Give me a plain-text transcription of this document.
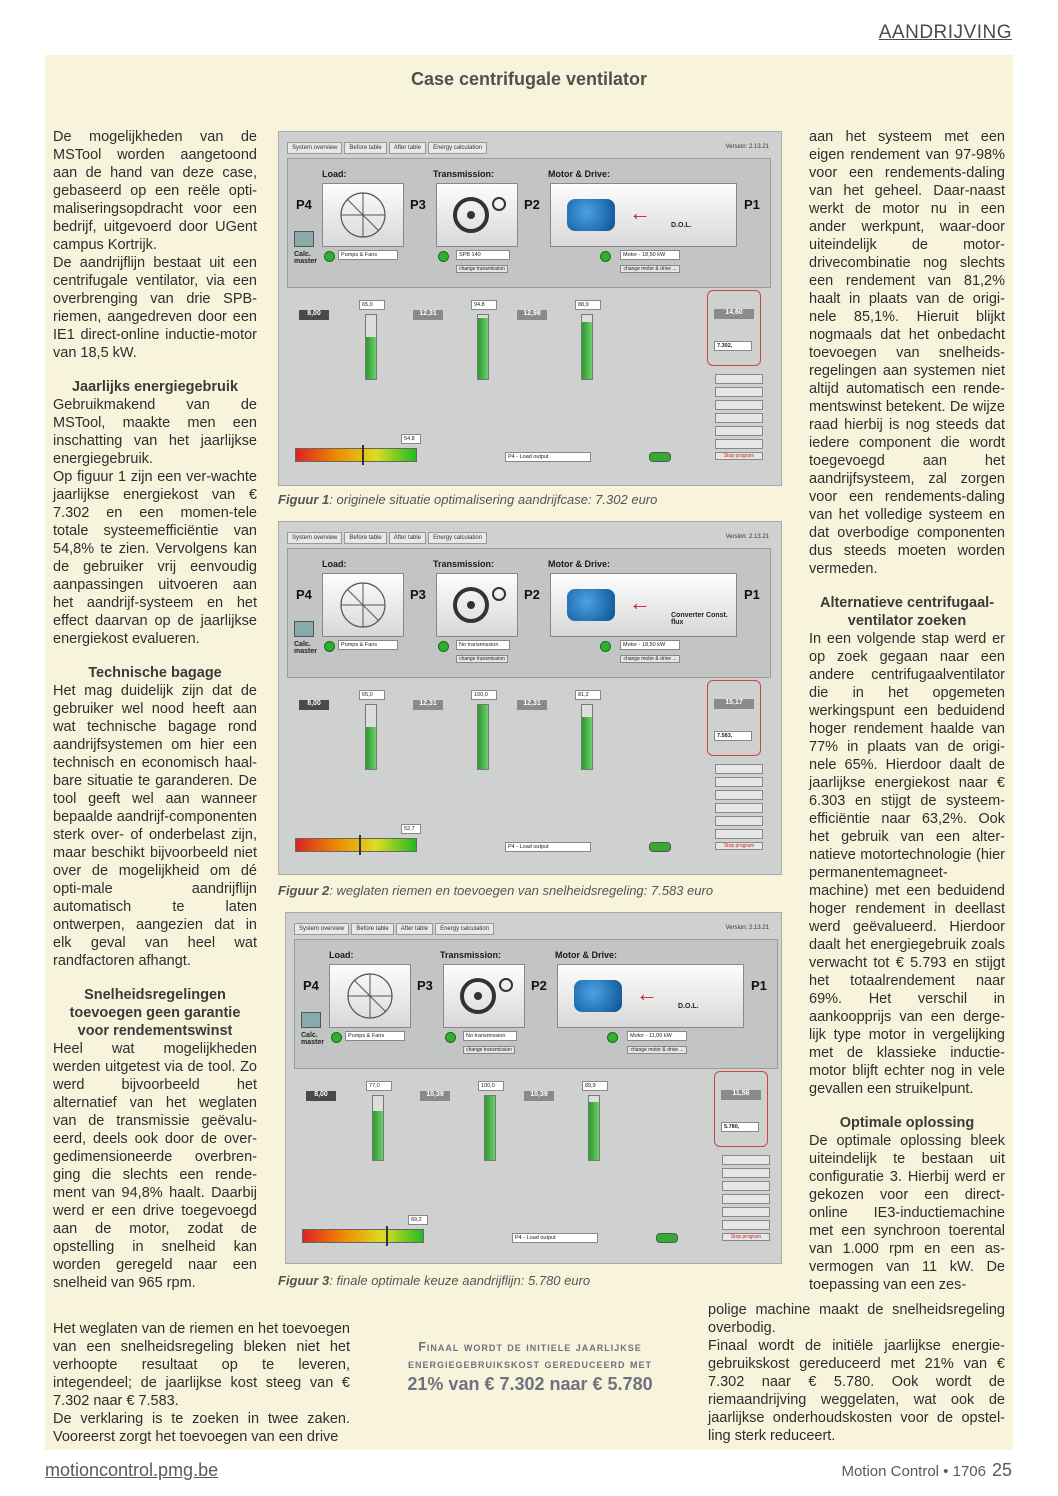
AANDRIJVING
Case centrifugale ventilator

De mogelijkheden van de MSTool worden aangetoond aan de hand van deze case, gebaseerd op een reële opti-maliseringsopdracht voor een bedrijf, uitgevoerd door UGent campus Kortrijk.

De aandrijflijn bestaat uit een centrifugale ventilator, via een overbrenging van drie SPB-riemen, aangedreven door een IE1 direct-online inductie-motor van 18,5 kW.

Jaarlijks energiegebruik

Gebruikmakend van de MSTool, maakte men een inschatting van het jaarlijkse energiegebruik.

Op figuur 1 zijn een ver-wachte jaarlijkse energiekost van € 7.302 en een momen-tele totale systeemefficiëntie van 54,8% te zien. Vervolgens kan de gebruiker vrij eenvoudig aanpassingen uitvoeren aan het aandrijf-systeem en het effect daarvan op de jaarlijkse energiekost evalueren.

Technische bagage

Het mag duidelijk zijn dat de gebruiker wel nood heeft aan wat technische bagage rond aandrijfsystemen om hier een technisch en economisch haal-bare situatie te garanderen. De tool geeft wel aan wanneer bepaalde aandrijf-componenten sterk over- of onderbelast zijn, maar beschikt bijvoorbeeld niet over de mogelijkheid om dé opti-male aandrijflijn automatisch te laten ontwerpen, aangezien dat in elk geval van heel wat randfactoren afhangt.

Snelheidsregelingen toevoegen geen garantie voor rendementswinst

Heel wat mogelijkheden werden uitgetest via de tool. Zo werd bijvoorbeeld het alternatief van het weglaten van de transmissie geëvalu-eerd, deels ook door de over-gedimensioneerde overbren-ging die slechts een rende-ment van 94,8% haalt. Daarbij werd er een drive toegevoegd aan de motor, zodat de opstelling in snelheid kan worden geregeld naar een snelheid van 965 rpm.

Het weglaten van de riemen en het toevoegen van een snelheidsregeling bleken niet het verhoopte resultaat op te leveren, integendeel; de jaarlijkse kost steeg van € 7.302 naar € 7.583.

De verklaring is te zoeken in twee zaken. Vooreerst zorgt het toevoegen van een drive

aan het systeem met een eigen rendement van 97-98% voor een rendements-daling van het geheel. Daar-naast werkt de motor nu in een ander werkpunt, waar-door uiteindelijk de motor-drivecombinatie nog slechts een rendement van 81,2% haalt in plaats van de origi-nele 85,1%. Hieruit blijkt nogmaals dat het onbedacht toevoegen van snelheids-regelingen aan systemen niet altijd automatisch een rende-mentswinst betekent. De wijze raad hierbij is nog steeds dat iedere component die wordt toegevoegd aan het aandrijfsysteem, zal zorgen voor een rendements-daling van het volledige systeem en dat overbodige componenten dus steeds moeten worden vermeden.

Alternatieve centrifugaal-ventilator zoeken

In een volgende stap werd er op zoek gegaan naar een andere centrifugaalventilator die in het opgemeten werkingspunt een beduidend hoger rendement haalde van 77% in plaats van de origi-nele 65%. Hierdoor daalt de jaarlijkse energiekost naar € 6.303 en stijgt de systeem-efficiëntie naar 63,2%. Ook het gebruik van een alter-natieve motortechnologie (hier permanentemagneet-machine) met een beduidend hoger rendement in deellast werd geëvalueerd. Hierdoor daalt het energiegebruik zoals verwacht tot € 5.793 en stijgt het totaalrendement naar 69%. Het verschil in aankoopprijs van een derge-lijk type motor in vergelijking met de klassieke inductie-motor blijft echter nog in vele gevallen een struikelpunt.

Optimale oplossing

De optimale oplossing bleek uiteindelijk te bestaan uit configuratie 3. Hierbij werd er gekozen voor een direct-online IE3-inductiemachine met een synchroon toerental van 1.000 rpm en een as-vermogen van 11 kW. De toepassing van een zes-

polige machine maakt de snelheidsregeling overbodig.

Finaal wordt de initiële jaarlijkse energie-gebruikskost gereduceerd met 21% van € 7.302 naar € 5.780. Ook wordt de riemaandrijving weggelaten, wat ook de jaarlijkse onderhoudskosten voor de opstel-ling sterk reduceert.

Finaal wordt de initiele jaarlijkse
energiegebruikskost gereduceerd met
21% van € 7.302 naar € 5.780
System overview	Before table	After table	Energy calculation	Version: 2.13.21
Load:	Transmission:	Motor & Drive:
P4	P3	P2	P1
←
D.O.L.
Calc. master
Pumps & Fans	SPB 140
change transmission
Motor - 18,50 kW
change motor & drive ...
8,00	12,31	12,98
65,0	94,8	88,9
14,60
7.302,
Stop program
54,8
P4 - Load output
Figuur 1: originele situatie optimalisering aandrijfcase: 7.302 euro
System overview	Before table	After table	Energy calculation	Version: 2.13.21
Load:	Transmission:	Motor & Drive:
P4	P3	P2	P1
←
Converter Const. flux
Calc. master
Pumps & Fans	No transmission
change transmission
Motor - 18,50 kW
change motor & drive ...
8,00	12,31	12,31
65,0	100,0	81,2
15,17
7.583,
Stop program
52,7
P4 - Load output
Figuur 2: weglaten riemen en toevoegen van snelheidsregeling: 7.583 euro
System overview	Before table	After table	Energy calculation	Version: 2.13.21
Load:	Transmission:	Motor & Drive:
P4	P3	P2	P1
←
D.O.L.
Calc. master
Pumps & Fans	No transmission
change transmission
Motor - 11,00 kW
change motor & drive ...
8,00	10,39	10,39
77,0	100,0	89,9
11,56
5.780,
Stop program
69,2
P4 - Load output
Figuur 3: finale optimale keuze aandrijflijn: 5.780 euro
motioncontrol.pmg.be	Motion Control • 1706 25
